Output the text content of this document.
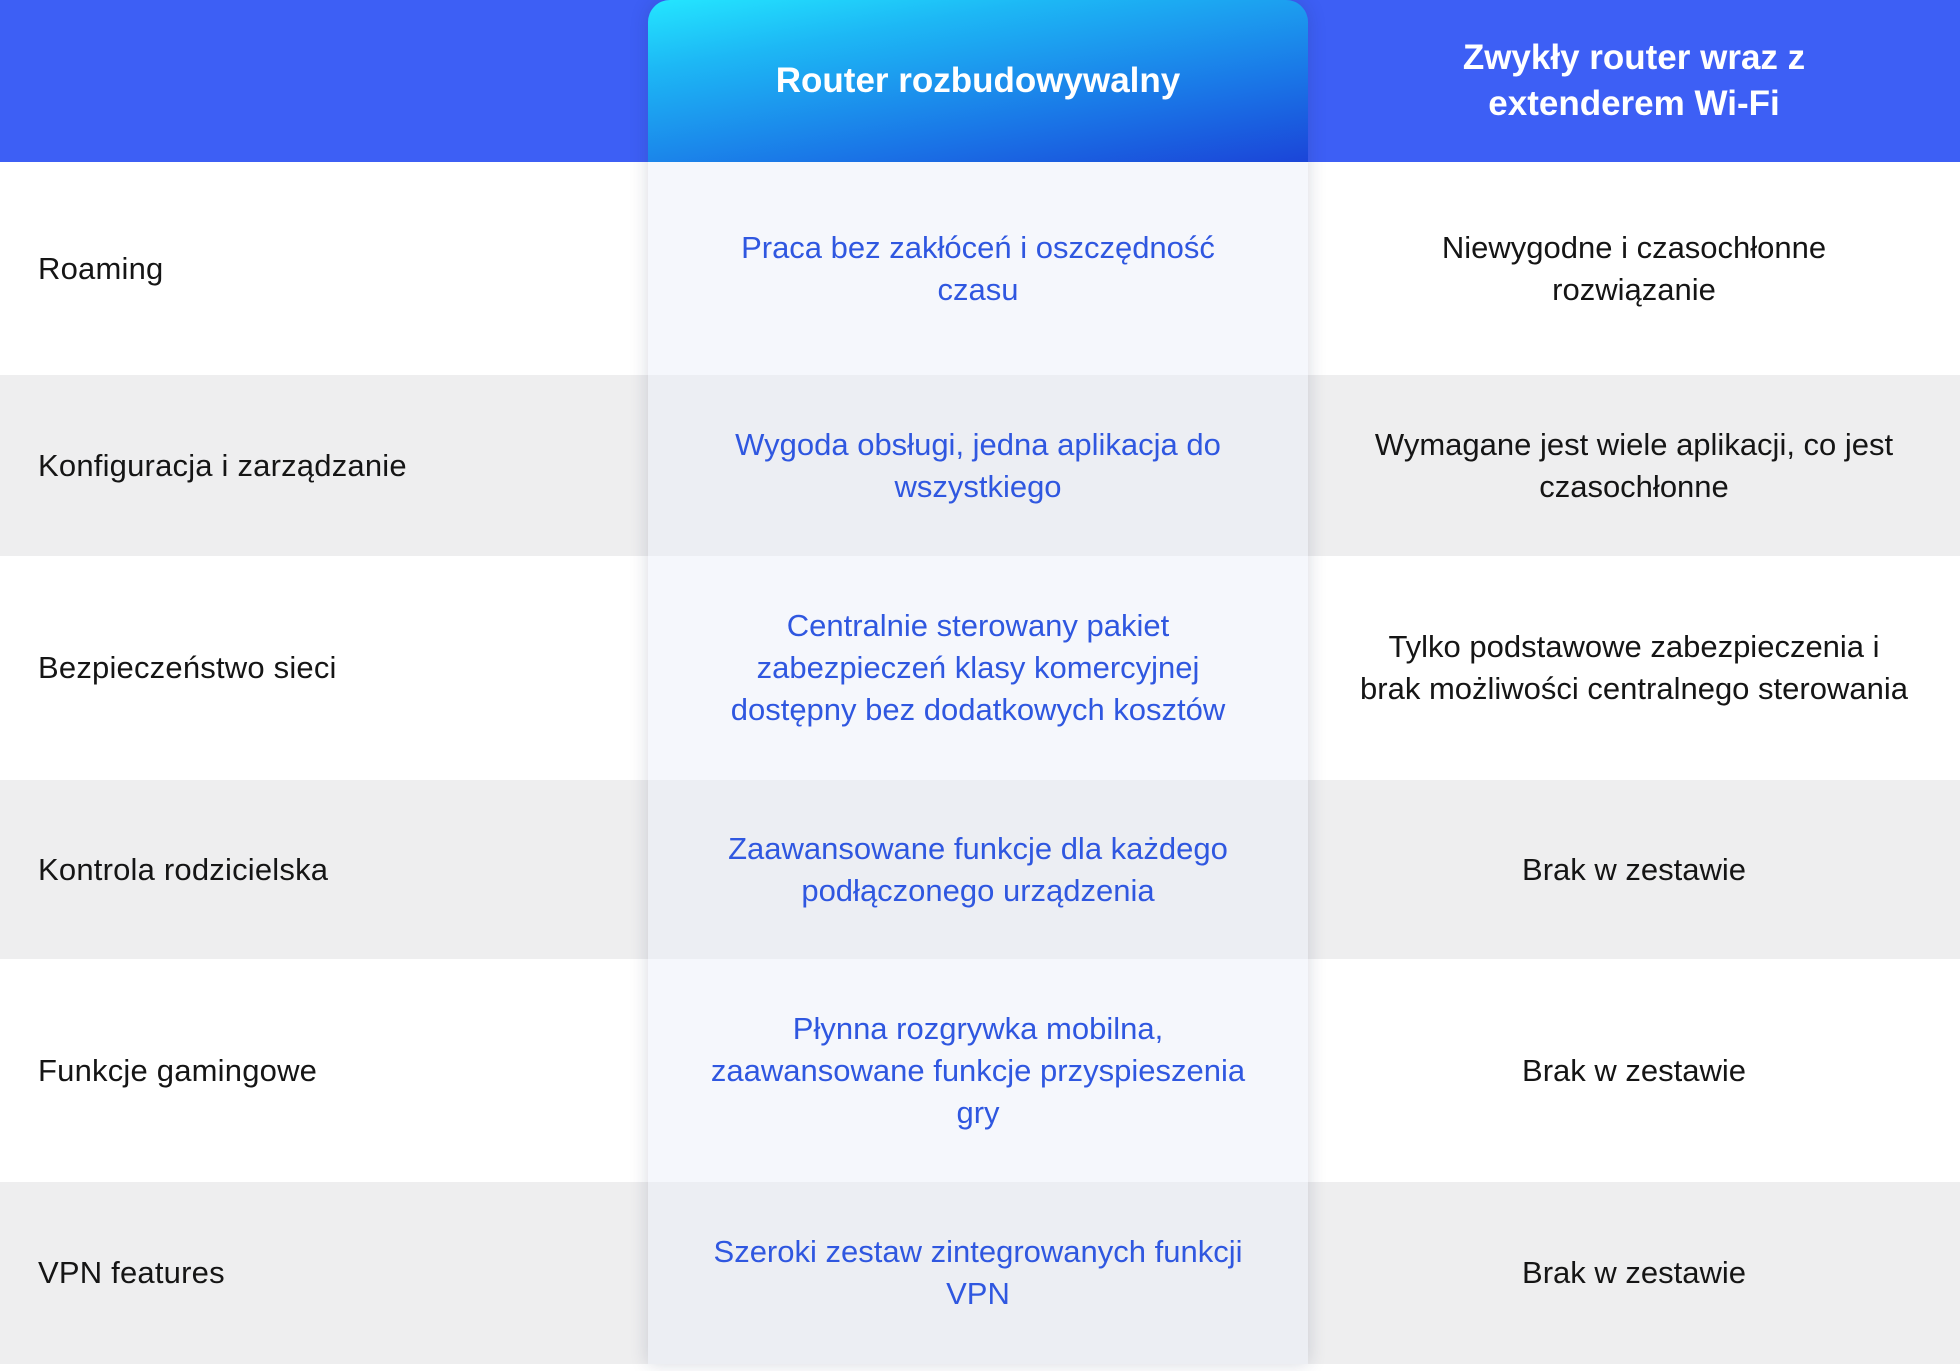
Router rozbudowywalny
Zwykły router wraz z extenderem Wi-Fi
Roaming
Praca bez zakłóceń i oszczędność czasu
Niewygodne i czasochłonne rozwiązanie
Konfiguracja i zarządzanie
Wygoda obsługi, jedna aplikacja do wszystkiego
Wymagane jest wiele aplikacji, co jest czasochłonne
Bezpieczeństwo sieci
Centralnie sterowany pakiet zabezpieczeń klasy komercyjnej dostępny bez dodatkowych kosztów
Tylko podstawowe zabezpieczenia i brak możliwości centralnego sterowania
Kontrola rodzicielska
Zaawansowane funkcje dla każdego podłączonego urządzenia
Brak w zestawie
Funkcje gamingowe
Płynna rozgrywka mobilna, zaawansowane funkcje przyspieszenia gry
Brak w zestawie
VPN features
Szeroki zestaw zintegrowanych funkcji VPN
Brak w zestawie
